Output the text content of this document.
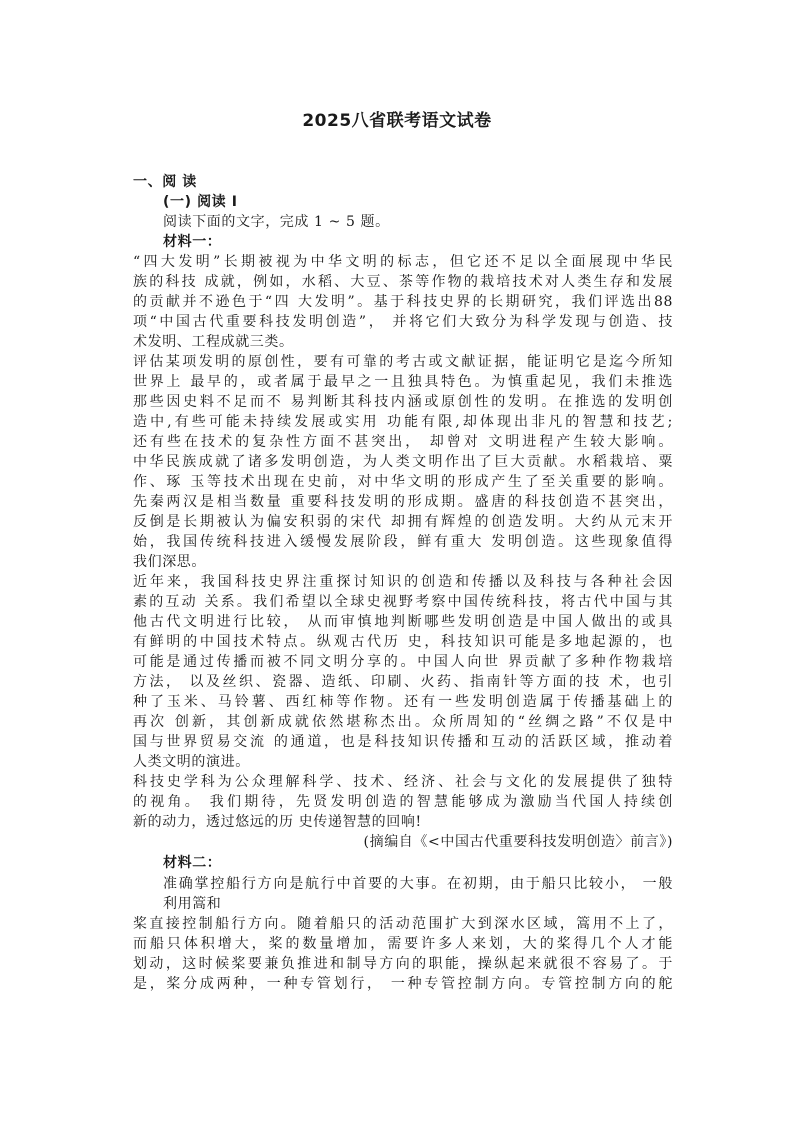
2025八省联考语文试卷
一、阅 读
(一) 阅读 I
阅读下面的文字，完成 1 ~ 5 题。
材料一：
“四大发明”长期被视为中华文明的标志，但它还不足以全面展现中华民
族的科技 成就，例如，水稻、大豆、茶等作物的栽培技术对人类生存和发展
的贡献并不逊色于“四 大发明”。基于科技史界的长期研究，我们评选出88
项“中国古代重要科技发明创造”， 并将它们大致分为科学发现与创造、技
术发明、工程成就三类。
评估某项发明的原创性，要有可靠的考古或文献证据，能证明它是迄今所知
世界上 最早的，或者属于最早之一且独具特色。为慎重起见，我们未推选
那些因史料不足而不 易判断其科技内涵或原创性的发明。在推选的发明创
造中,有些可能未持续发展或实用 功能有限,却体现出非凡的智慧和技艺;
还有些在技术的复杂性方面不甚突出， 却曾对 文明进程产生较大影响。
中华民族成就了诸多发明创造，为人类文明作出了巨大贡献。水稻栽培、粟
作、琢 玉等技术出现在史前，对中华文明的形成产生了至关重要的影响。
先秦两汉是相当数量 重要科技发明的形成期。盛唐的科技创造不甚突出，
反倒是长期被认为偏安积弱的宋代 却拥有辉煌的创造发明。大约从元末开
始，我国传统科技进入缓慢发展阶段，鲜有重大 发明创造。这些现象值得
我们深思。
近年来，我国科技史界注重探讨知识的创造和传播以及科技与各种社会因
素的互动 关系。我们希望以全球史视野考察中国传统科技，将古代中国与其
他古代文明进行比较， 从而审慎地判断哪些发明创造是中国人做出的或具
有鲜明的中国技术特点。纵观古代历 史，科技知识可能是多地起源的，也
可能是通过传播而被不同文明分享的。中国人向世 界贡献了多种作物栽培
方法， 以及丝织、瓷器、造纸、印刷、火药、指南针等方面的技 术，也引
种了玉米、马铃薯、西红柿等作物。还有一些发明创造属于传播基础上的
再次 创新，其创新成就依然堪称杰出。众所周知的“丝绸之路”不仅是中
国与世界贸易交流 的通道，也是科技知识传播和互动的活跃区域，推动着
人类文明的演进。
科技史学科为公众理解科学、技术、经济、社会与文化的发展提供了独特
的视角。 我们期待，先贤发明创造的智慧能够成为激励当代国人持续创
新的动力，透过悠远的历 史传递智慧的回响!
(摘编自《<中国古代重要科技发明创造〉前言》)
材料二：
准确掌控船行方向是航行中首要的大事。在初期，由于船只比较小， 一般
利用篙和
桨直接控制船行方向。随着船只的活动范围扩大到深水区域，篙用不上了，
而船只体积增大，桨的数量增加，需要许多人来划，大的桨得几个人才能
划动，这时候桨要兼负推进和制导方向的职能，操纵起来就很不容易了。于
是，桨分成两种，一种专管划行， 一种专管控制方向。专管控制方向的舵
